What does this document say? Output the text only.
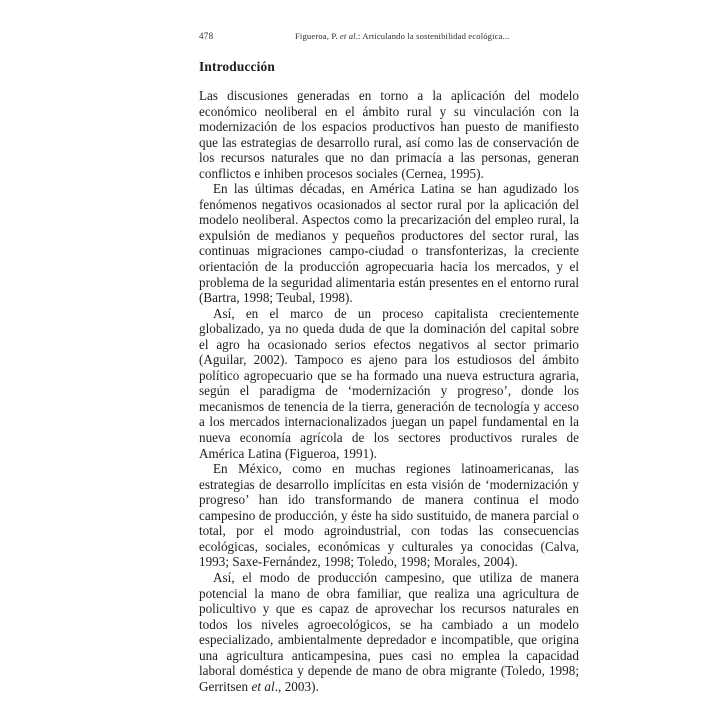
478	Figueroa, P. et al.: Articulando la sostenibilidad ecológica...
Introducción

Las discusiones generadas en torno a la aplicación del modelo económico neoliberal en el ámbito rural y su vinculación con la modernización de los espacios productivos han puesto de manifiesto que las estrategias de desarrollo rural, así como las de conservación de los recursos naturales que no dan primacía a las personas, generan conflictos e inhiben procesos sociales (Cernea, 1995).

En las últimas décadas, en América Latina se han agudizado los fenómenos negativos ocasionados al sector rural por la aplicación del modelo neoliberal. Aspectos como la precarización del empleo rural, la expulsión de medianos y pequeños productores del sector rural, las continuas migraciones campo-ciudad o transfonterizas, la creciente orientación de la producción agropecuaria hacia los mercados, y el problema de la seguridad alimentaria están presentes en el entorno rural (Bartra, 1998; Teubal, 1998).

Así, en el marco de un proceso capitalista crecientemente globalizado, ya no queda duda de que la dominación del capital sobre el agro ha ocasionado serios efectos negativos al sector primario (Aguilar, 2002). Tampoco es ajeno para los estudiosos del ámbito político agropecuario que se ha formado una nueva estructura agraria, según el paradigma de ‘modernización y progreso’, donde los mecanismos de tenencia de la tierra, generación de tecnología y acceso a los mercados internacionalizados juegan un papel fundamental en la nueva economía agrícola de los sectores productivos rurales de América Latina (Figueroa, 1991).

En México, como en muchas regiones latinoamericanas, las estrategias de desarrollo implícitas en esta visión de ‘modernización y progreso’ han ido transformando de manera continua el modo campesino de producción, y éste ha sido sustituido, de manera parcial o total, por el modo agroindustrial, con todas las consecuencias ecológicas, sociales, económicas y culturales ya conocidas (Calva, 1993; Saxe-Fernández, 1998; Toledo, 1998; Morales, 2004).

Así, el modo de producción campesino, que utiliza de manera potencial la mano de obra familiar, que realiza una agricultura de policultivo y que es capaz de aprovechar los recursos naturales en todos los niveles agroecológicos, se ha cambiado a un modelo especializado, ambientalmente depredador e incompatible, que origina una agricultura anticampesina, pues casi no emplea la capacidad laboral doméstica y depende de mano de obra migrante (Toledo, 1998; Gerritsen et al., 2003).
